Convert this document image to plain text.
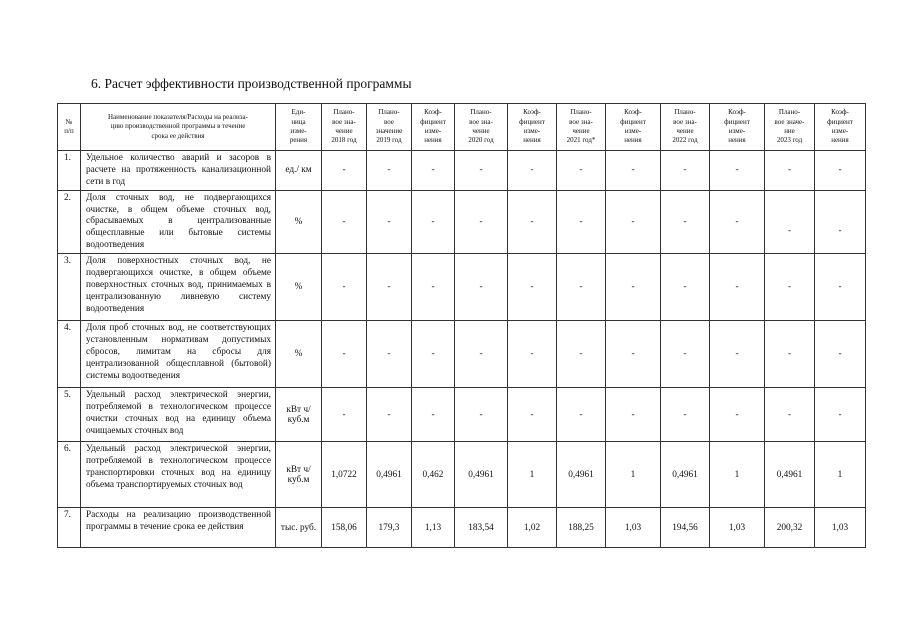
6. Расчет эффективности производственной программы
№
п/п	Наименование показателя/Расходы на реализа-
цию производственной программы в течение
срока ее действия	Еди-
ница
изме-
рения	Плано-
вое зна-
чение
2018 год	Плано-
вое
значение
2019 год	Коэф-
фициент
изме-
нения	Плано-
вое зна-
чение
2020 год	Коэф-
фициент
изме-
нения	Плано-
вое зна-
чение
2021 год*	Коэф-
фициент
изме-
нения	Плано-
вое зна-
чение
2022 год	Коэф-
фициент
изме-
нения	Плано-
вое значе-
ние
2023 год	Коэф-
фициент
изме-
нения
1.	Удельное количество аварий и засоров в расчете на протяженность канализационной сети в год	ед./ км	-	-	-	-	-	-	-	-	-	-	-
2.	Доля сточных вод, не подвергающихся очистке, в общем объеме сточных вод, сбрасываемых в централизованные общесплавные или бытовые системы водоотведения	%	-	-	-	-	-	-	-	-	-	-	-
3.	Доля поверхностных сточных вод, не подвергающихся очистке, в общем объеме поверхностных сточных вод, принимаемых в централизованную ливневую систему водоотведения	%	-	-	-	-	-	-	-	-	-	-	-
4.	Доля проб сточных вод, не соответствующих установленным нормативам допустимых сбросов, лимитам на сбросы для централизованной общесплавной (бытовой) системы водоотведения	%	-	-	-	-	-	-	-	-	-	-	-
5.	Удельный расход электрической энергии, потребляемой в технологическом процессе очистки сточных вод на единицу объема очищаемых сточных вод	кВт ч/куб.м	-	-	-	-	-	-	-	-	-	-	-
6.	Удельный расход электрической энергии, потребляемой в технологическом процессе транспортировки сточных вод на единицу объема транспортируемых сточных вод	кВт ч/куб.м	1,0722	0,4961	0,462	0,4961	1	0,4961	1	0,4961	1	0,4961	1
7.	Расходы на реализацию производственной программы в течение срока ее действия	тыс. руб.	158,06	179,3	1,13	183,54	1,02	188,25	1,03	194,56	1,03	200,32	1,03
